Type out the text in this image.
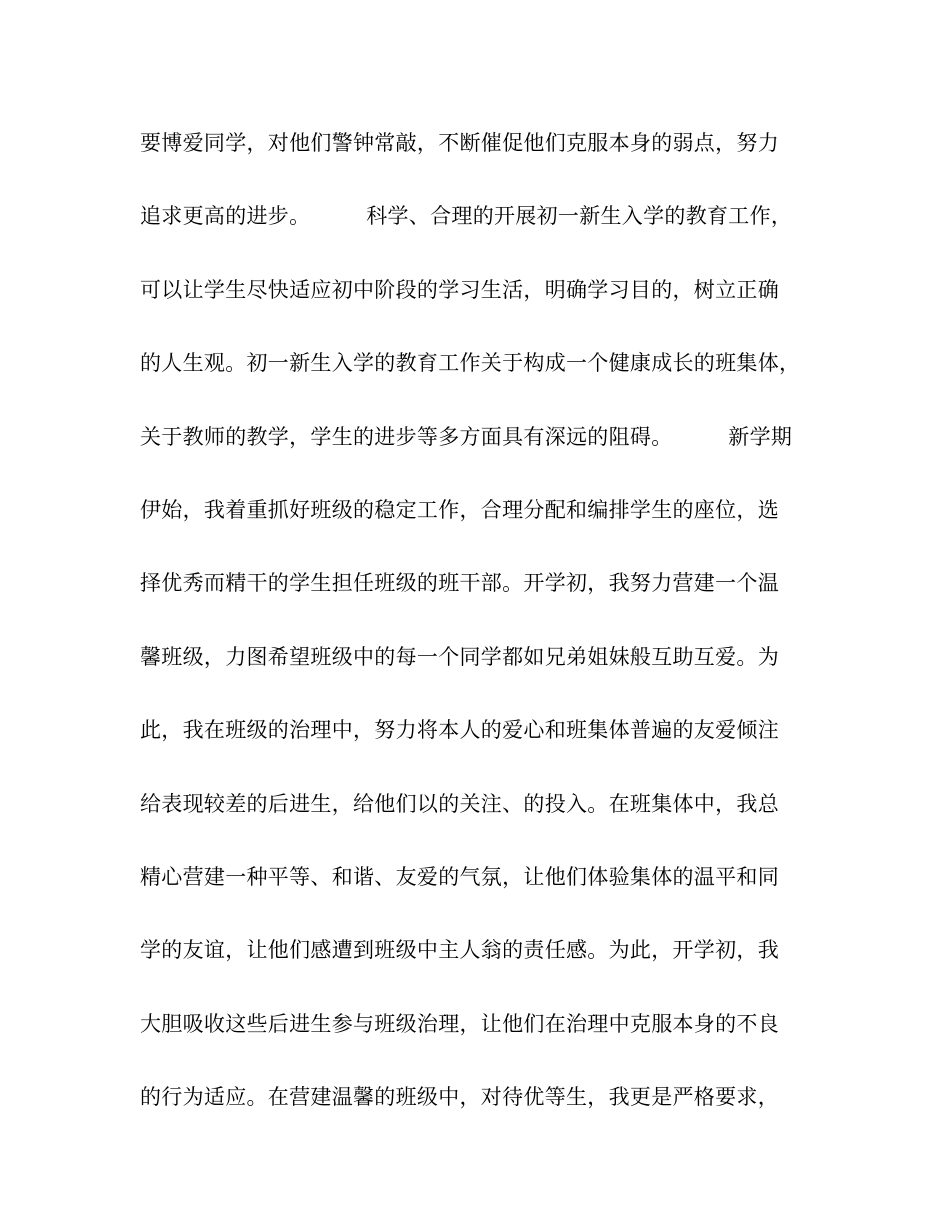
要博爱同学，对他们警钟常敲，不断催促他们克服本身的弱点，努力
追求更高的进步。        科学、合理的开展初一新生入学的教育工作，
可以让学生尽快适应初中阶段的学习生活，明确学习目的，树立正确
的人生观。初一新生入学的教育工作关于构成一个健康成长的班集体，
关于教师的教学，学生的进步等多方面具有深远的阻碍。        新学期
伊始，我着重抓好班级的稳定工作，合理分配和编排学生的座位，选
择优秀而精干的学生担任班级的班干部。开学初，我努力营建一个温
馨班级，力图希望班级中的每一个同学都如兄弟姐妹般互助互爱。为
此，我在班级的治理中，努力将本人的爱心和班集体普遍的友爱倾注
给表现较差的后进生，给他们以的关注、的投入。在班集体中，我总
精心营建一种平等、和谐、友爱的气氛，让他们体验集体的温平和同
学的友谊，让他们感遭到班级中主人翁的责任感。为此，开学初，我
大胆吸收这些后进生参与班级治理，让他们在治理中克服本身的不良
的行为适应。在营建温馨的班级中，对待优等生，我更是严格要求，
